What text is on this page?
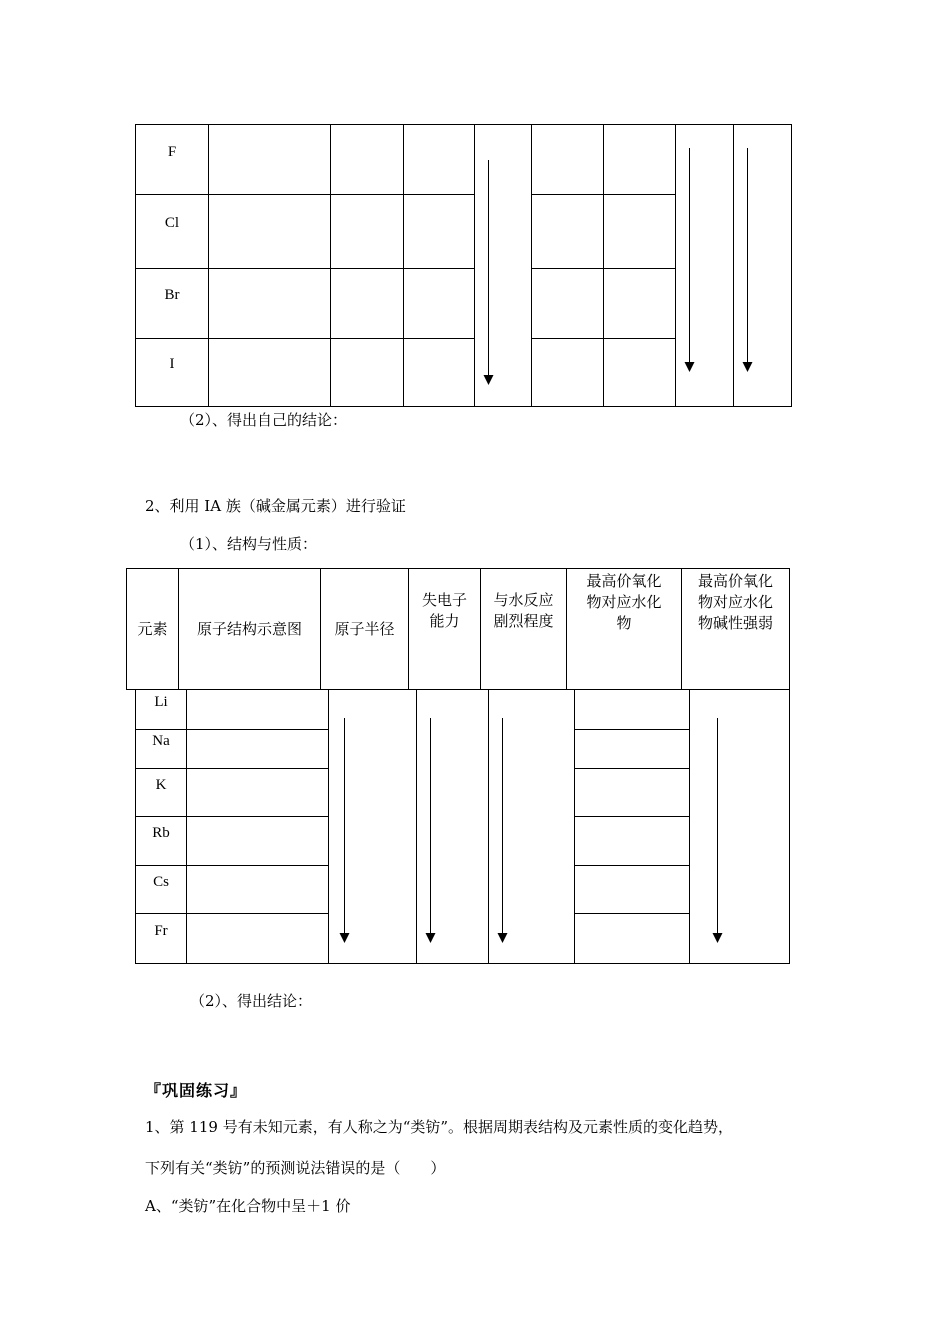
F
Cl
Br
I
（2）、得出自己的结论：
2、利用 IA 族（碱金属元素）进行验证
（1）、结构与性质：
元素 原子结构示意图 原子半径
失电子
能力
与水反应
剧烈程度
最高价氧化
物对应水化
物
最高价氧化
物对应水化
物碱性强弱
Li
Na
K
Rb
Cs
Fr
（2）、得出结论：
『巩固练习』
1、第 119 号有未知元素，有人称之为“类钫”。根据周期表结构及元素性质的变化趋势，
下列有关“类钫”的预测说法错误的是（　　）
A、“类钫”在化合物中呈＋1 价
